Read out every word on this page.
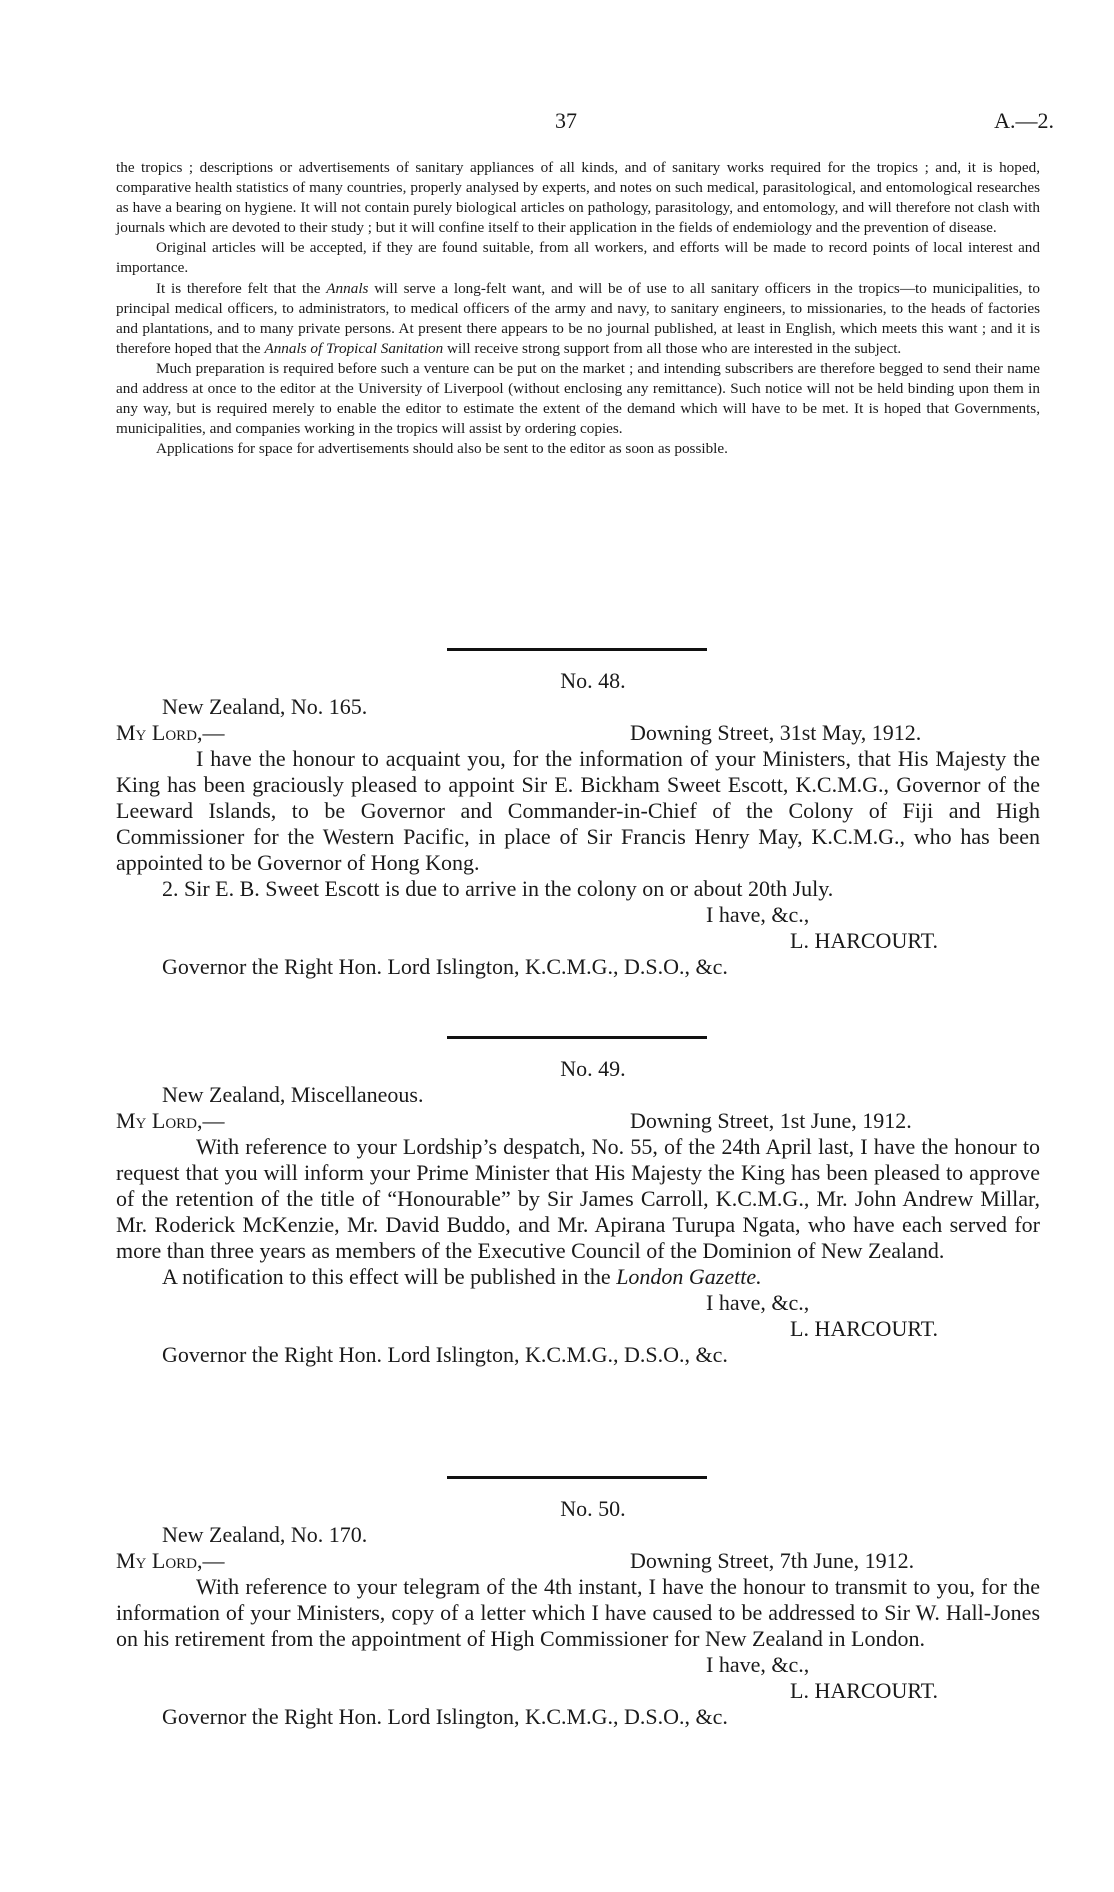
37	A.—2.

the tropics ; descriptions or advertisements of sanitary appliances of all kinds, and of sanitary works required for the tropics ; and, it is hoped, comparative health statistics of many countries, properly analysed by experts, and notes on such medical, parasitological, and entomological researches as have a bearing on hygiene. It will not contain purely biological articles on pathology, parasitology, and entomology, and will therefore not clash with journals which are devoted to their study ; but it will confine itself to their application in the fields of endemiology and the prevention of disease.

Original articles will be accepted, if they are found suitable, from all workers, and efforts will be made to record points of local interest and importance.

It is therefore felt that the Annals will serve a long-felt want, and will be of use to all sanitary officers in the tropics—to municipalities, to principal medical officers, to administrators, to medical officers of the army and navy, to sanitary engineers, to missionaries, to the heads of factories and plantations, and to many private persons. At present there appears to be no journal published, at least in English, which meets this want ; and it is therefore hoped that the Annals of Tropical Sanitation will receive strong support from all those who are interested in the subject.

Much preparation is required before such a venture can be put on the market ; and intending subscribers are therefore begged to send their name and address at once to the editor at the University of Liverpool (without enclosing any remittance). Such notice will not be held binding upon them in any way, but is required merely to enable the editor to estimate the extent of the demand which will have to be met. It is hoped that Governments, municipalities, and companies working in the tropics will assist by ordering copies.

Applications for space for advertisements should also be sent to the editor as soon as possible.

No. 48.

New Zealand, No. 165.

My Lord,—	Downing Street, 31st May, 1912.

I have the honour to acquaint you, for the information of your Ministers, that His Majesty the King has been graciously pleased to appoint Sir E. Bickham Sweet Escott, K.C.M.G., Governor of the Leeward Islands, to be Governor and Commander-in-Chief of the Colony of Fiji and High Commissioner for the Western Pacific, in place of Sir Francis Henry May, K.C.M.G., who has been appointed to be Governor of Hong Kong.

2. Sir E. B. Sweet Escott is due to arrive in the colony on or about 20th July.

I have, &c.,

L. HARCOURT.

Governor the Right Hon. Lord Islington, K.C.M.G., D.S.O., &c.

No. 49.

New Zealand, Miscellaneous.

My Lord,—	Downing Street, 1st June, 1912.

With reference to your Lordship’s despatch, No. 55, of the 24th April last, I have the honour to request that you will inform your Prime Minister that His Majesty the King has been pleased to approve of the retention of the title of “Honourable” by Sir James Carroll, K.C.M.G., Mr. John Andrew Millar, Mr. Roderick McKenzie, Mr. David Buddo, and Mr. Apirana Turupa Ngata, who have each served for more than three years as members of the Executive Council of the Dominion of New Zealand.

A notification to this effect will be published in the London Gazette.

I have, &c.,

L. HARCOURT.

Governor the Right Hon. Lord Islington, K.C.M.G., D.S.O., &c.

No. 50.

New Zealand, No. 170.

My Lord,—	Downing Street, 7th June, 1912.

With reference to your telegram of the 4th instant, I have the honour to transmit to you, for the information of your Ministers, copy of a letter which I have caused to be addressed to Sir W. Hall-Jones on his retirement from the appointment of High Commissioner for New Zealand in London.

I have, &c.,

L. HARCOURT.

Governor the Right Hon. Lord Islington, K.C.M.G., D.S.O., &c.
